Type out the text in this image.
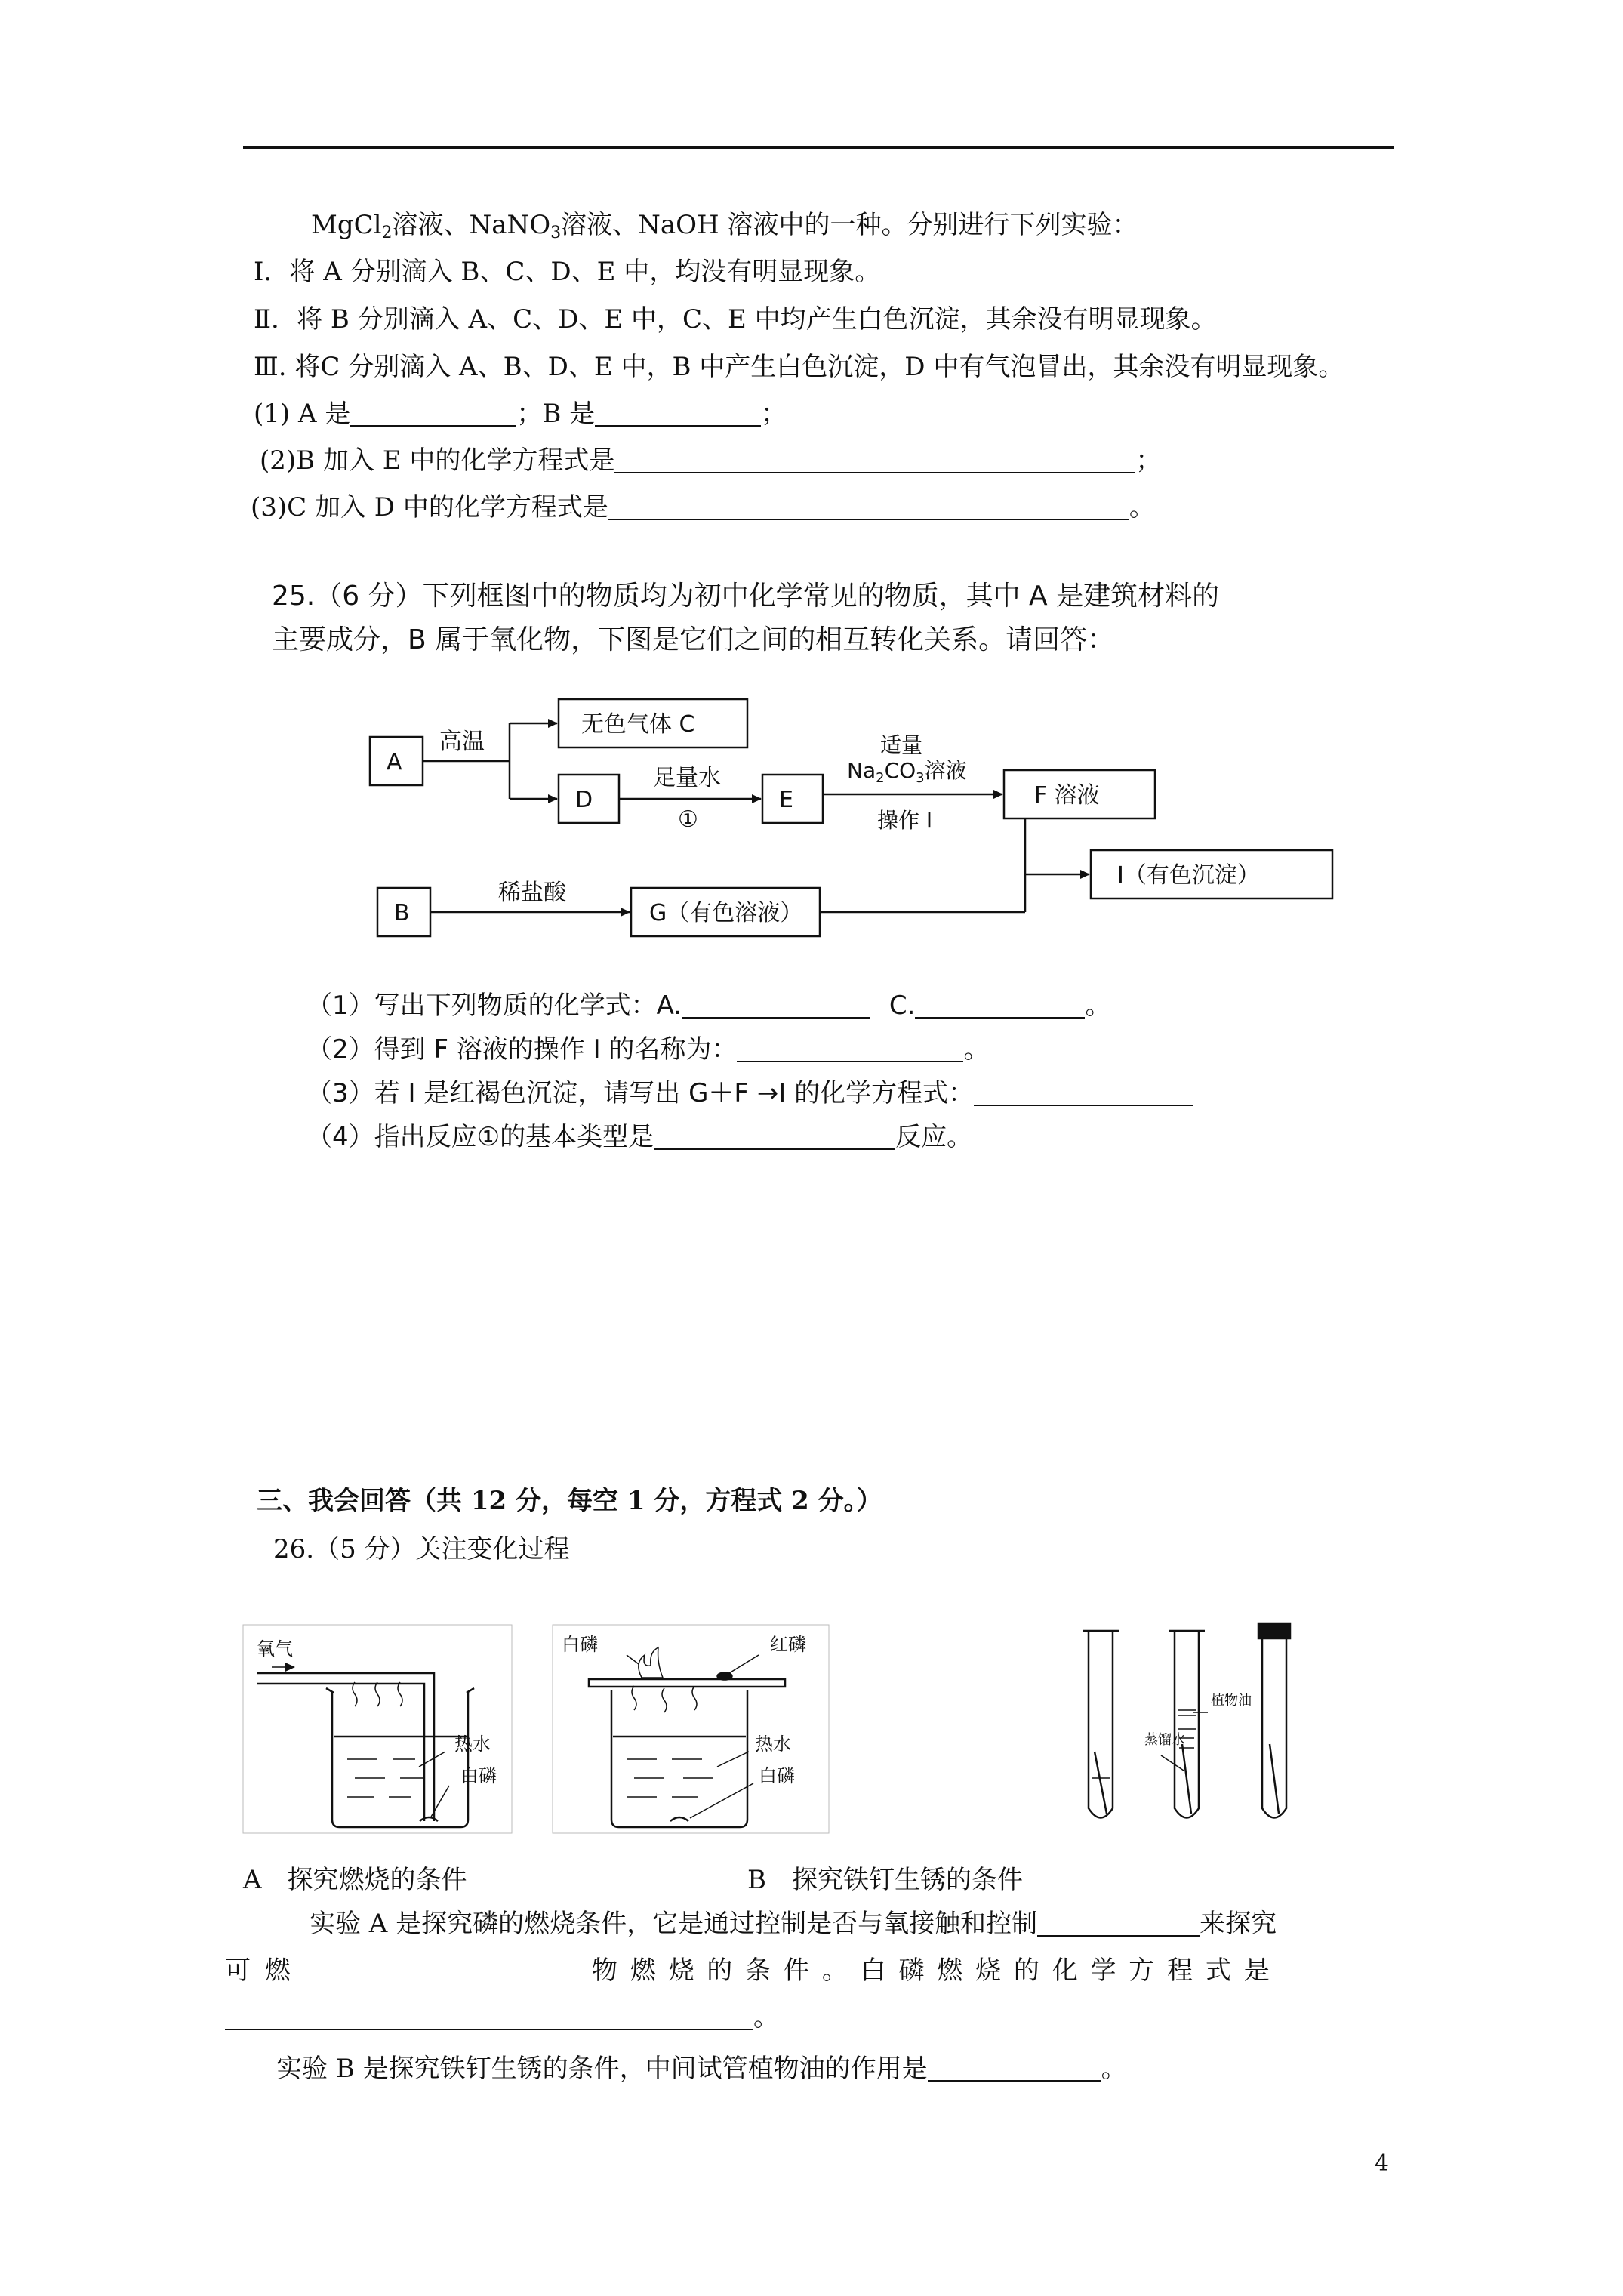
MgCl$_2$溶液、NaNO$_3$溶液、NaOH 溶液中的一种。分别进行下列实验：
Ⅰ．将 A 分别滴入 B、C、D、E 中，均没有明显现象。
Ⅱ．将 B 分别滴入 A、C、D、E 中，C、E 中均产生白色沉淀，其余没有明显现象。
Ⅲ. 将C 分别滴入 A、B、D、E 中，B 中产生白色沉淀，D 中有气泡冒出，其余没有明显现象。
(1) A 是	；B 是	；
(2)B 加入 E 中的化学方程式是	；
(3)C 加入 D 中的化学方程式是	。
25.（6 分）下列框图中的物质均为初中化学常见的物质，其中 A 是建筑材料的
主要成分，B 属于氧化物，下图是它们之间的相互转化关系。请回答：
A
高温
无色气体 C
D
足量水
①
E
适量
$Na_2CO_3$溶液
操作 I
F 溶液
B
稀盐酸
G（有色溶液）
I（有色沉淀）
（1）写出下列物质的化学式：A.	C.	。
（2）得到 F 溶液的操作 I 的名称为：	。
（3）若 I 是红褐色沉淀，请写出 G＋F →I 的化学方程式：
（4）指出反应①的基本类型是	反应。
三、我会回答（共 12 分，每空 1 分，方程式 2 分。）
26.（5 分）关注变化过程
氧气
热水
白磷
白磷	红磷
热水
白磷
植物油
蒸馏水
A　探究燃烧的条件	B　探究铁钉生锈的条件
实验 A 是探究磷的燃烧条件，它是通过控制是否与氧接触和控制	来探究
可 燃	物 燃 烧 的 条 件 。 白 磷 燃 烧 的 化 学 方 程 式 是
。
实验 B 是探究铁钉生锈的条件，中间试管植物油的作用是	。
4
